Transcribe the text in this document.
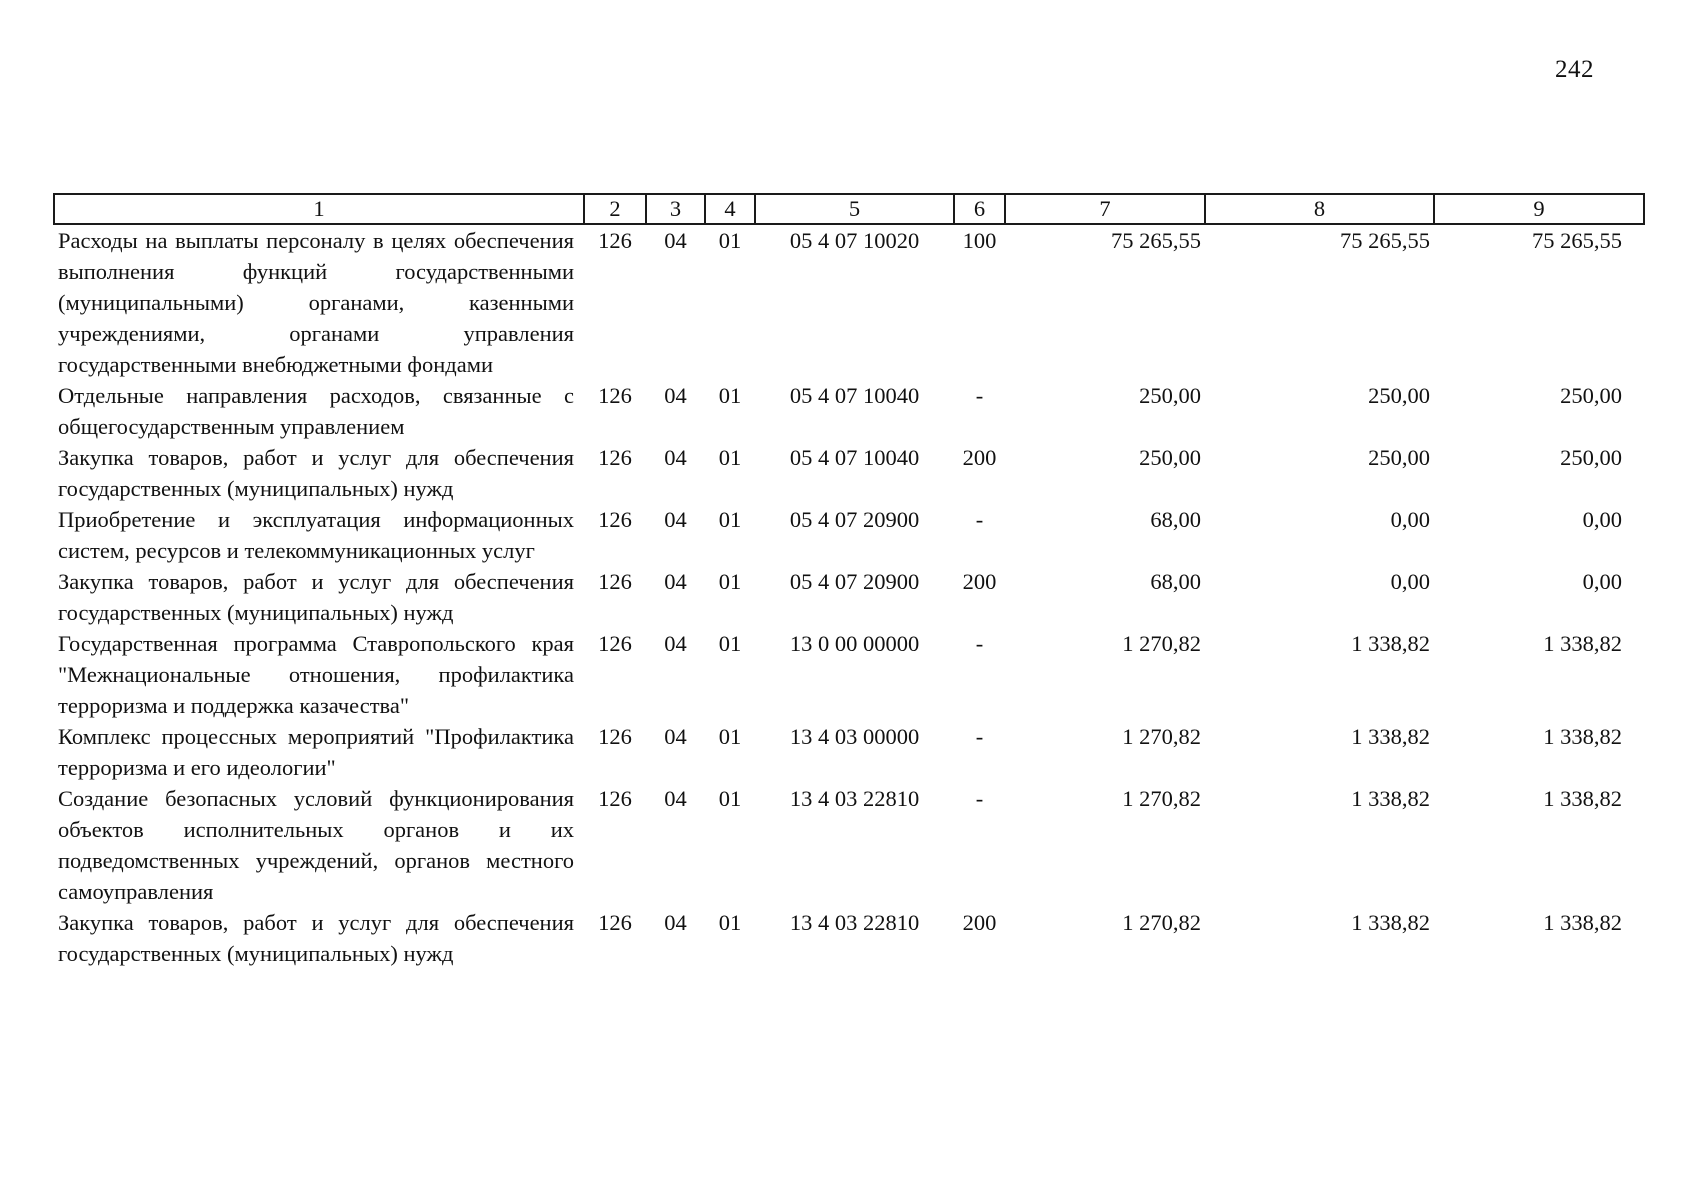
242
1	2	3	4	5	6	7	8	9
Расходы на выплаты персоналу в целях обеспечения выполнения функций государственными (муниципальными) органами, казенными учреждениями, органами управления государственными внебюджетными фондами	126	04	01	05 4 07 10020	100	75 265,55	75 265,55	75 265,55
Отдельные направления расходов, связанные с общегосударственным управлением	126	04	01	05 4 07 10040	-	250,00	250,00	250,00
Закупка товаров, работ и услуг для обеспечения государственных (муниципальных) нужд	126	04	01	05 4 07 10040	200	250,00	250,00	250,00
Приобретение и эксплуатация информационных систем, ресурсов и телекоммуникационных услуг	126	04	01	05 4 07 20900	-	68,00	0,00	0,00
Закупка товаров, работ и услуг для обеспечения государственных (муниципальных) нужд	126	04	01	05 4 07 20900	200	68,00	0,00	0,00
Государственная программа Ставропольского края "Межнациональные отношения, профилактика терроризма и поддержка казачества"	126	04	01	13 0 00 00000	-	1 270,82	1 338,82	1 338,82
Комплекс процессных мероприятий "Профилактика терроризма и его идеологии"	126	04	01	13 4 03 00000	-	1 270,82	1 338,82	1 338,82
Создание безопасных условий функционирования объектов исполнительных органов и их подведомственных учреждений, органов местного самоуправления	126	04	01	13 4 03 22810	-	1 270,82	1 338,82	1 338,82
Закупка товаров, работ и услуг для обеспечения государственных (муниципальных) нужд	126	04	01	13 4 03 22810	200	1 270,82	1 338,82	1 338,82
